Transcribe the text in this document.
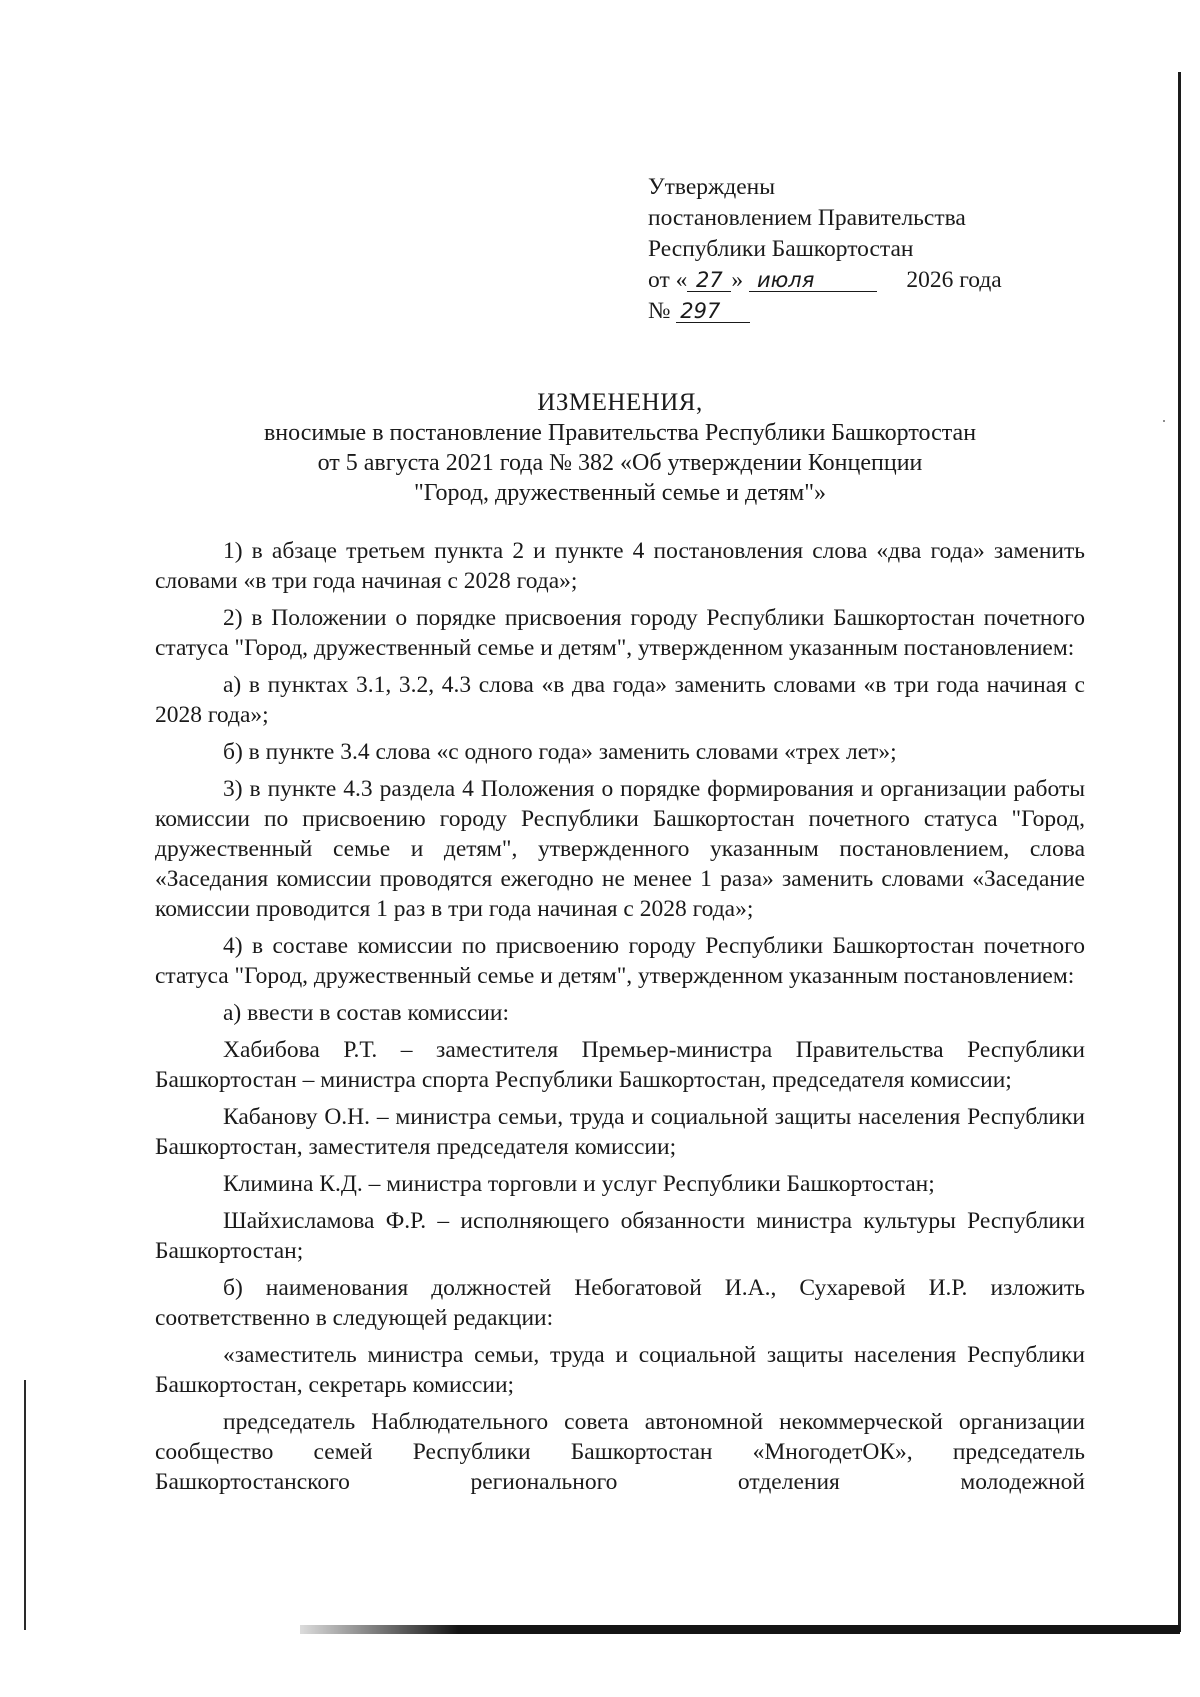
Утверждены
постановлением Правительства
Республики Башкортостан
от « 27 » июля	2026 года
№ 297
ИЗМЕНЕНИЯ,
вносимые в постановление Правительства Республики Башкортостан
от 5 августа 2021 года № 382 «Об утверждении Концепции
"Город, дружественный семье и детям"»

1) в абзаце третьем пункта 2 и пункте 4 постановления слова «два года» заменить словами «в три года начиная с 2028 года»;

2) в Положении о порядке присвоения городу Республики Башкортостан почетного статуса "Город, дружественный семье и детям", утвержденном указанным постановлением:

а) в пунктах 3.1, 3.2, 4.3 слова «в два года» заменить словами «в три года начиная с 2028 года»;

б) в пункте 3.4 слова «с одного года» заменить словами «трех лет»;

3) в пункте 4.3 раздела 4 Положения о порядке формирования и организации работы комиссии по присвоению городу Республики Башкортостан почетного статуса "Город, дружественный семье и детям", утвержденного указанным постановлением, слова «Заседания комиссии проводятся ежегодно не менее 1 раза» заменить словами «Заседание комиссии проводится 1 раз в три года начиная с 2028 года»;

4) в составе комиссии по присвоению городу Республики Башкортостан почетного статуса "Город, дружественный семье и детям", утвержденном указанным постановлением:

а) ввести в состав комиссии:

Хабибова Р.Т. – заместителя Премьер-министра Правительства Республики Башкортостан – министра спорта Республики Башкортостан, председателя комиссии;

Кабанову О.Н. – министра семьи, труда и социальной защиты населения Республики Башкортостан, заместителя председателя комиссии;

Климина К.Д. – министра торговли и услуг Республики Башкортостан;

Шайхисламова Ф.Р. – исполняющего обязанности министра культуры Республики Башкортостан;

б) наименования должностей Небогатовой И.А., Сухаревой И.Р. изложить соответственно в следующей редакции:

«заместитель министра семьи, труда и социальной защиты населения Республики Башкортостан, секретарь комиссии;

председатель Наблюдательного совета автономной некоммерческой организации сообщество семей Республики Башкортостан «МногодетОК», председатель Башкортостанского регионального отделения молодежной
